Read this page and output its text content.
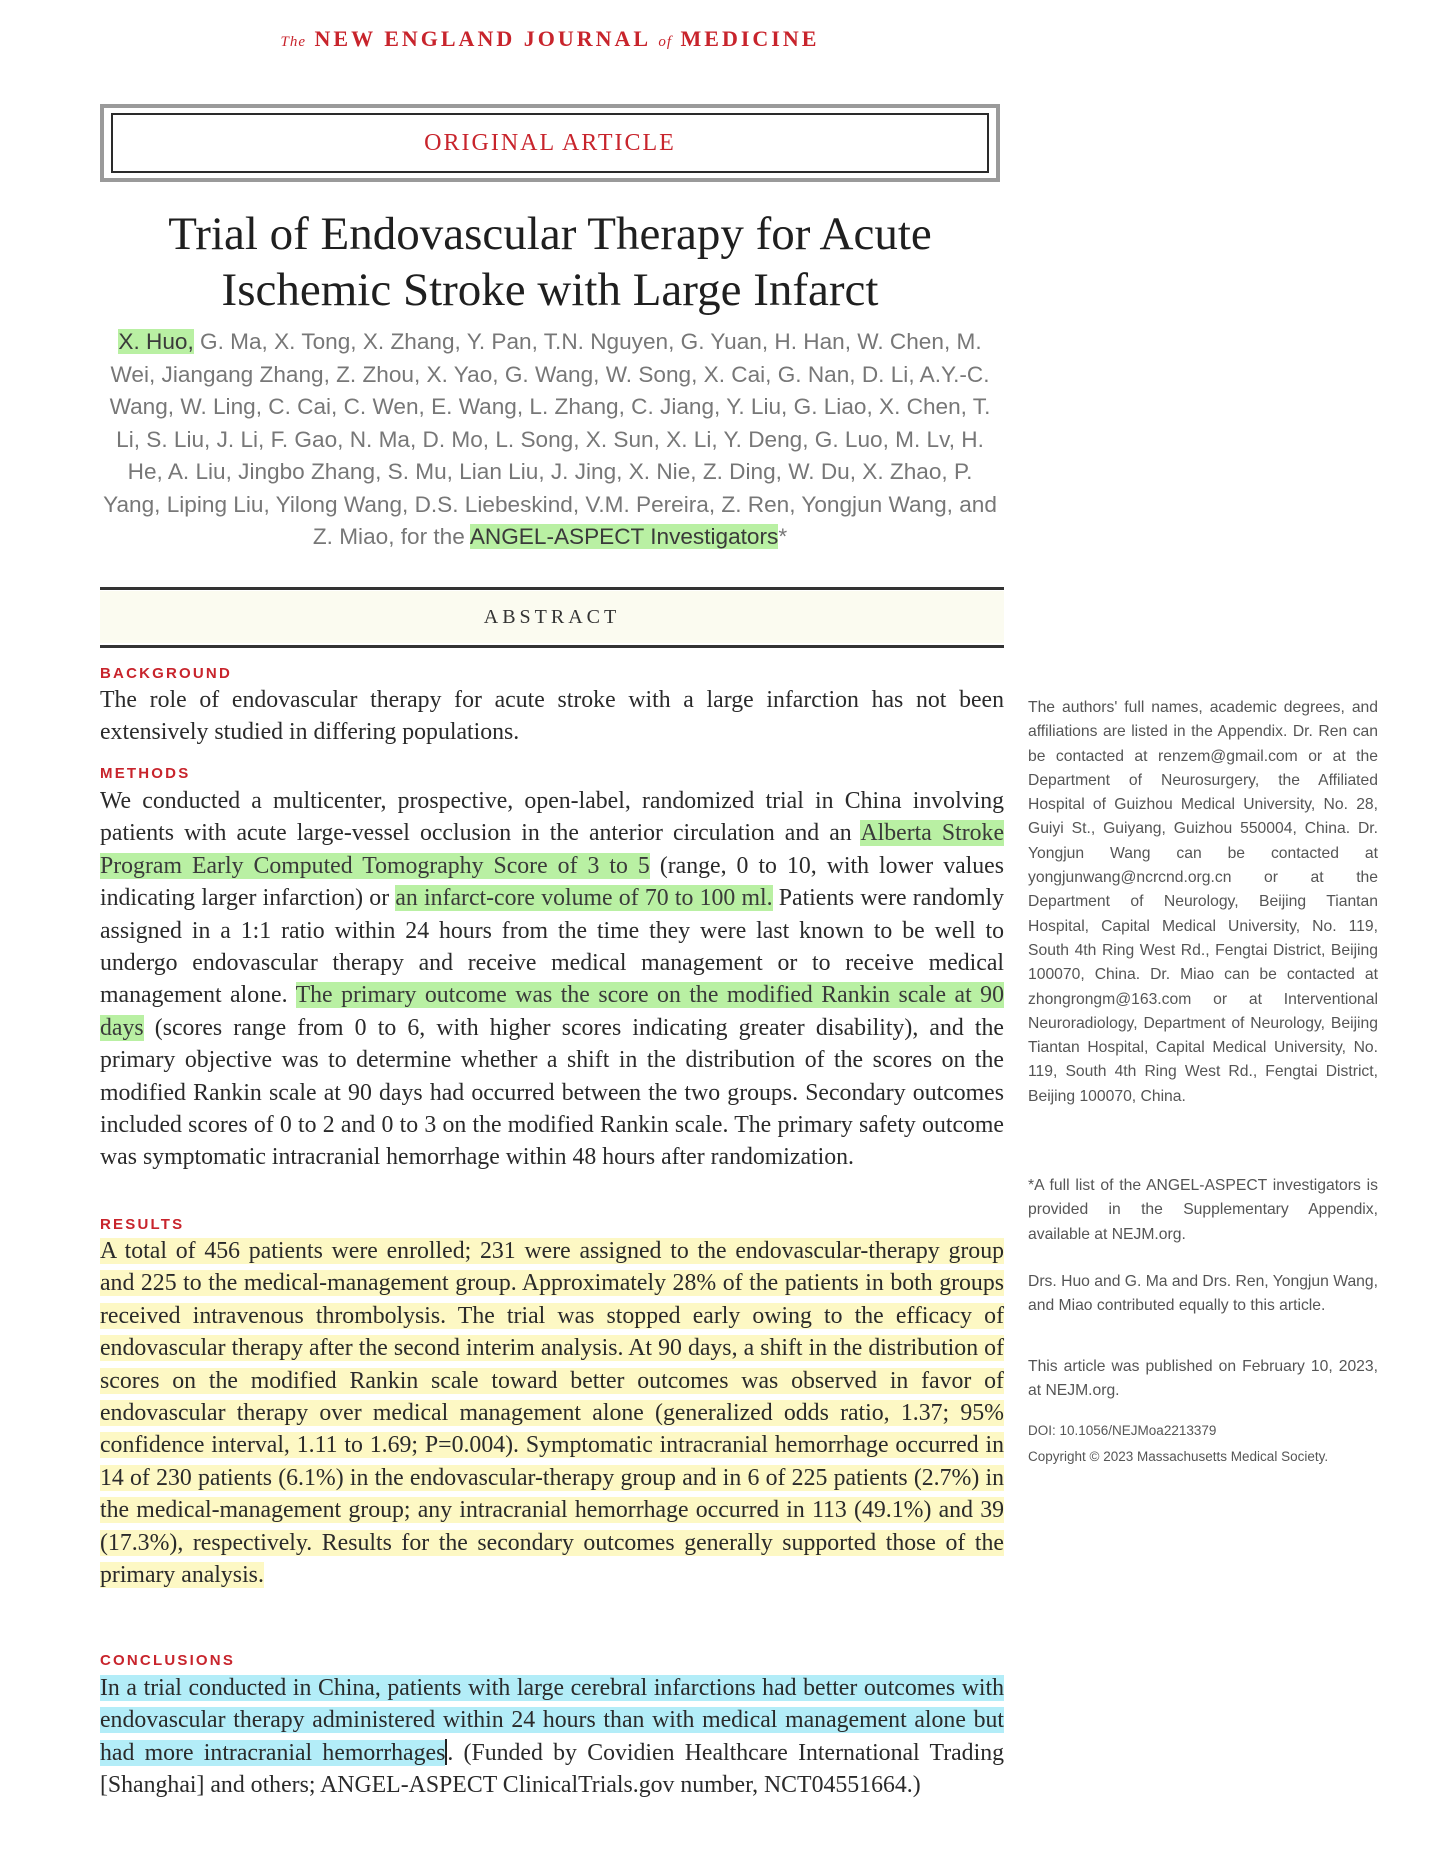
The NEW ENGLAND JOURNAL of MEDICINE
ORIGINAL ARTICLE
Trial of Endovascular Therapy for Acute
Ischemic Stroke with Large Infarct
X. Huo, G. Ma, X. Tong, X. Zhang, Y. Pan, T.N. Nguyen, G. Yuan, H. Han, W. Chen, M. Wei, Jiangang Zhang, Z. Zhou, X. Yao, G. Wang, W. Song, X. Cai, G. Nan, D. Li, A.Y.-C. Wang, W. Ling, C. Cai, C. Wen, E. Wang, L. Zhang, C. Jiang, Y. Liu, G. Liao, X. Chen, T. Li, S. Liu, J. Li, F. Gao, N. Ma, D. Mo, L. Song, X. Sun, X. Li, Y. Deng, G. Luo, M. Lv, H. He, A. Liu, Jingbo Zhang, S. Mu, Lian Liu, J. Jing, X. Nie, Z. Ding, W. Du, X. Zhao, P. Yang, Liping Liu, Yilong Wang, D.S. Liebeskind, V.M. Pereira, Z. Ren, Yongjun Wang, and Z. Miao, for the ANGEL-ASPECT Investigators*
ABSTRACT
BACKGROUND
The role of endovascular therapy for acute stroke with a large infarction has not been extensively studied in differing populations.
METHODS
We conducted a multicenter, prospective, open-label, randomized trial in China involving patients with acute large-vessel occlusion in the anterior circulation and an Alberta Stroke Program Early Computed Tomography Score of 3 to 5 (range, 0 to 10, with lower values indicating larger infarction) or an infarct-core volume of 70 to 100 ml. Patients were randomly assigned in a 1:1 ratio within 24 hours from the time they were last known to be well to undergo endovascular therapy and receive medical management or to receive medical management alone. The primary outcome was the score on the modified Rankin scale at 90 days (scores range from 0 to 6, with higher scores indicating greater disability), and the primary objective was to determine whether a shift in the distribution of the scores on the modified Rankin scale at 90 days had occurred between the two groups. Secondary outcomes included scores of 0 to 2 and 0 to 3 on the modified Rankin scale. The primary safety outcome was symptomatic intracranial hemorrhage within 48 hours after randomization.
RESULTS
A total of 456 patients were enrolled; 231 were assigned to the endovascular-therapy group and 225 to the medical-management group. Approximately 28% of the patients in both groups received intravenous thrombolysis. The trial was stopped early owing to the efficacy of endovascular therapy after the second interim analysis. At 90 days, a shift in the distribution of scores on the modified Rankin scale toward better outcomes was observed in favor of endovascular therapy over medical management alone (generalized odds ratio, 1.37; 95% confidence interval, 1.11 to 1.69; P=0.004). Symptomatic intracranial hemorrhage occurred in 14 of 230 patients (6.1%) in the endovascular-therapy group and in 6 of 225 patients (2.7%) in the medical-management group; any intracranial hemorrhage occurred in 113 (49.1%) and 39 (17.3%), respectively. Results for the secondary outcomes generally supported those of the primary analysis.
CONCLUSIONS
In a trial conducted in China, patients with large cerebral infarctions had better outcomes with endovascular therapy administered within 24 hours than with medical management alone but had more intracranial hemorrhages. (Funded by Covidien Healthcare International Trading [Shanghai] and others; ANGEL-ASPECT ClinicalTrials.gov number, NCT04551664.)
The authors' full names, academic degrees, and affiliations are listed in the Appendix. Dr. Ren can be contacted at renzem@gmail.com or at the Department of Neurosurgery, the Affiliated Hospital of Guizhou Medical University, No. 28, Guiyi St., Guiyang, Guizhou 550004, China. Dr. Yongjun Wang can be contacted at yongjunwang@ncrcnd.org.cn or at the Department of Neurology, Beijing Tiantan Hospital, Capital Medical University, No. 119, South 4th Ring West Rd., Fengtai District, Beijing 100070, China. Dr. Miao can be contacted at zhongrongm@163.com or at Interventional Neuroradiology, Department of Neurology, Beijing Tiantan Hospital, Capital Medical University, No. 119, South 4th Ring West Rd., Fengtai District, Beijing 100070, China.
*A full list of the ANGEL-ASPECT investigators is provided in the Supplementary Appendix, available at NEJM.org.
Drs. Huo and G. Ma and Drs. Ren, Yongjun Wang, and Miao contributed equally to this article.
This article was published on February 10, 2023, at NEJM.org.
DOI: 10.1056/NEJMoa2213379
Copyright © 2023 Massachusetts Medical Society.
